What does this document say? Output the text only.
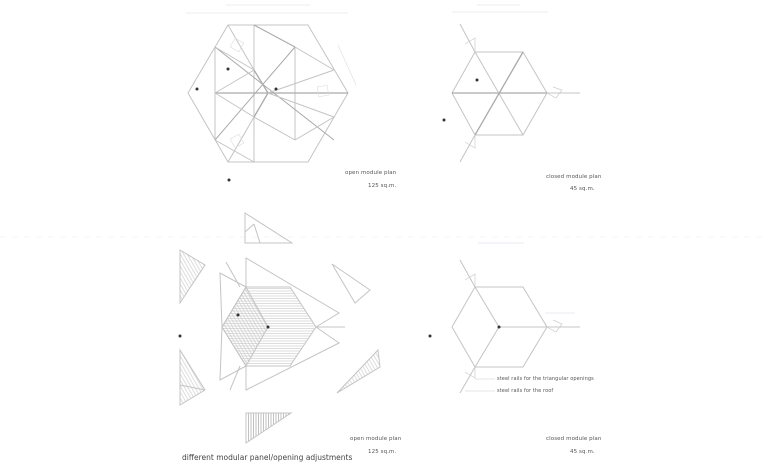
open module plan
125 sq.m.
closed module plan
45 sq.m.
open module plan
125 sq.m.
closed module plan
45 sq.m.
steel rails for the triangular openings
steel rails for the roof
different modular panel/opening adjustments
